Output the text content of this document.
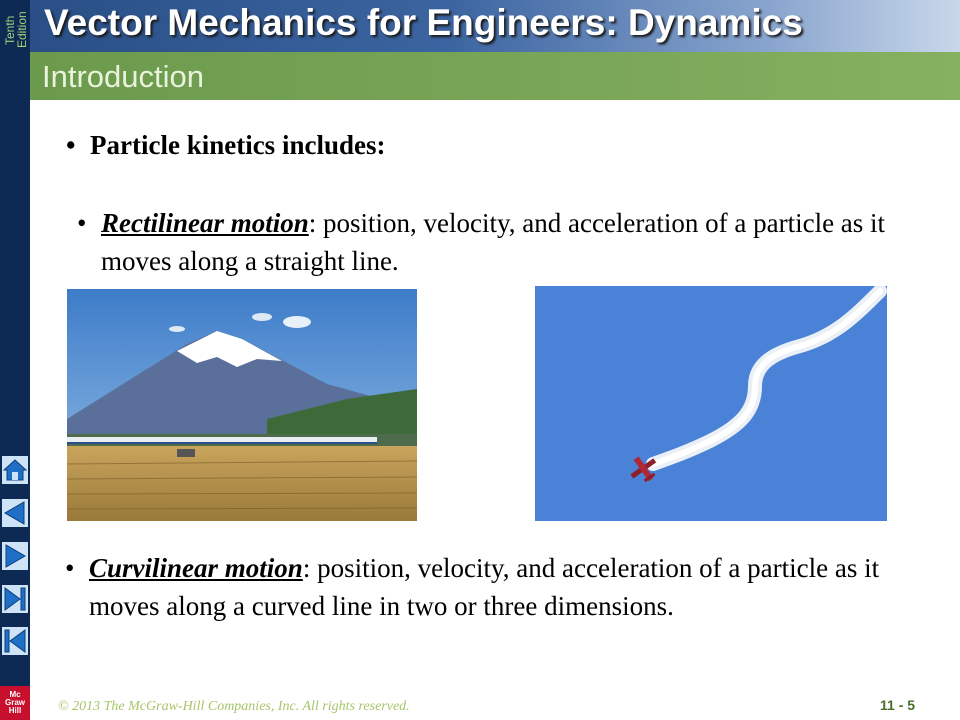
Tenth
Edition
Mc
Graw
Hill
Vector Mechanics for Engineers: Dynamics
Introduction
• Particle kinetics includes:
• Rectilinear motion: position, velocity, and acceleration of a particle as it moves along a straight line.
• Curvilinear motion: position, velocity, and acceleration of a particle as it moves along a curved line in two or three dimensions.
© 2013 The McGraw-Hill Companies, Inc. All rights reserved.	11 - 5
